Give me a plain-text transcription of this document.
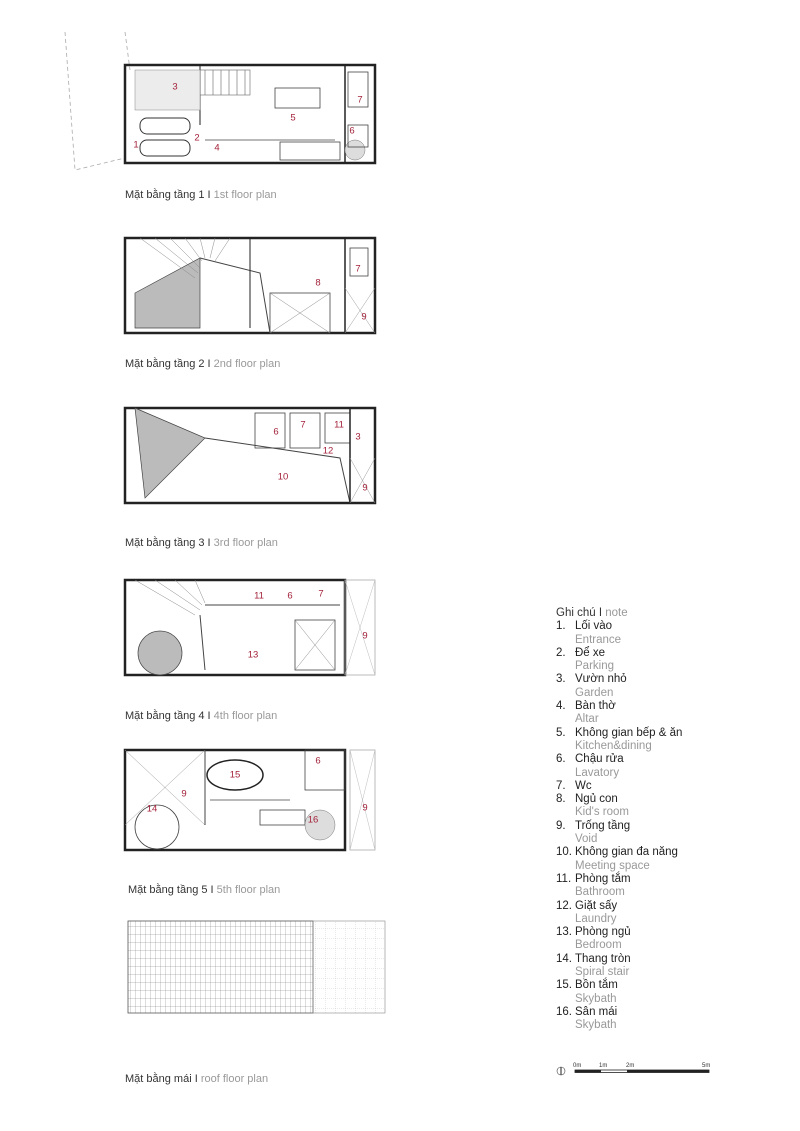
3
5
2
4
1
7
6
Mặt bằng tầng 1 I 1st floor plan
8
7
9
Mặt bằng tầng 2 I 2nd floor plan
6
7	11
3
12
10
9
Mặt bằng tầng 3 I 3rd floor plan
11 6	7
9
13
Mặt bằng tầng 4 I 4th floor plan
6
15
9
9
14
16
Mặt bằng tầng 5 I 5th floor plan
Mặt bằng mái I roof floor plan
Ghi chú I note
1. Lối vào
Entrance
2. Để xe
Parking
3. Vườn nhỏ
Garden
4. Bàn thờ
Altar
5. Không gian bếp & ăn
Kitchen&dining
6. Chậu rửa
Lavatory
7. Wc
8. Ngủ con
Kid's room
9. Trống tầng
Void
10. Không gian đa năng
Meeting space
11. Phòng tắm
Bathroom
12. Giặt sấy
Laundry
13. Phòng ngủ
Bedroom
14. Thang tròn
Spiral stair
15. Bồn tắm
Skybath
16. Sân mái
Skybath
0m	1m	2m	5m
